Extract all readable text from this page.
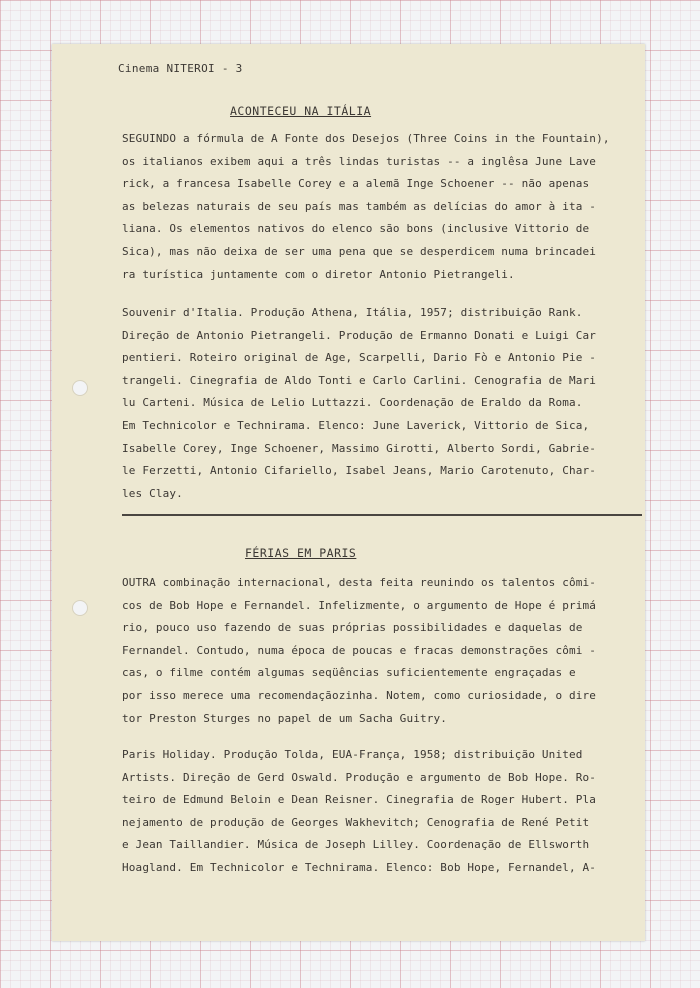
Cinema NITEROI - 3
ACONTECEU NA ITÁLIA
SEGUINDO a fórmula de A Fonte dos Desejos (Three Coins in the Fountain),
os italianos exibem aqui a três lindas turistas -- a inglêsa June Lave
rick, a francesa Isabelle Corey e a alemã Inge Schoener -- não apenas
as belezas naturais de seu país mas também as delícias do amor à ita -
liana. Os elementos nativos do elenco são bons (inclusive Vittorio de
Sica), mas não deixa de ser uma pena que se desperdicem numa brincadei
ra turística juntamente com o diretor Antonio Pietrangeli.
Souvenir d'Italia. Produção Athena, Itália, 1957; distribuição Rank.
Direção de Antonio Pietrangeli. Produção de Ermanno Donati e Luigi Car
pentieri. Roteiro original de Age, Scarpelli, Dario Fò e Antonio Pie -
trangeli. Cinegrafia de Aldo Tonti e Carlo Carlini. Cenografia de Mari
lu Carteni. Música de Lelio Luttazzi. Coordenação de Eraldo da Roma.
Em Technicolor e Technirama. Elenco: June Laverick, Vittorio de Sica,
Isabelle Corey, Inge Schoener, Massimo Girotti, Alberto Sordi, Gabrie-
le Ferzetti, Antonio Cifariello, Isabel Jeans, Mario Carotenuto, Char-
les Clay.
FÉRIAS EM PARIS
OUTRA combinação internacional, desta feita reunindo os talentos cômi-
cos de Bob Hope e Fernandel. Infelizmente, o argumento de Hope é primá
rio, pouco uso fazendo de suas próprias possibilidades e daquelas de
Fernandel. Contudo, numa época de poucas e fracas demonstrações cômi -
cas, o filme contém algumas seqüências suficientemente engraçadas e
por isso merece uma recomendaçãozinha. Notem, como curiosidade, o dire
tor Preston Sturges no papel de um Sacha Guitry.
Paris Holiday. Produção Tolda, EUA-França, 1958; distribuição United
Artists. Direção de Gerd Oswald. Produção e argumento de Bob Hope. Ro-
teiro de Edmund Beloin e Dean Reisner. Cinegrafia de Roger Hubert. Pla
nejamento de produção de Georges Wakhevitch; Cenografia de René Petit
e Jean Taillandier. Música de Joseph Lilley. Coordenação de Ellsworth
Hoagland. Em Technicolor e Technirama. Elenco: Bob Hope, Fernandel, A-
